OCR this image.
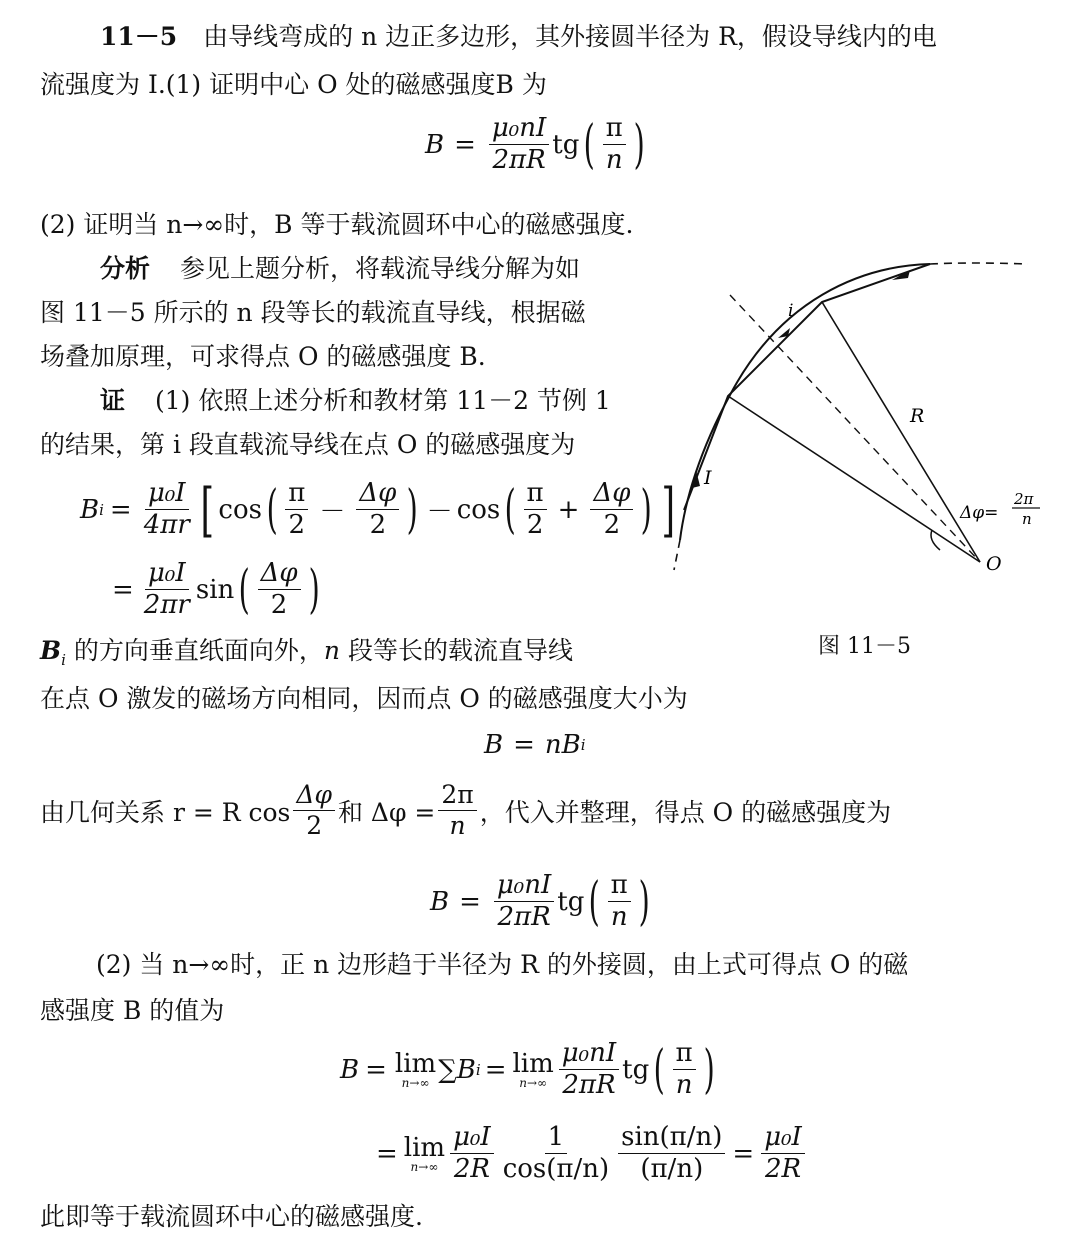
11－5 由导线弯成的 n 边正多边形，其外接圆半径为 R，假设导线内的电
流强度为 I.(1) 证明中心 O 处的磁感强度B 为
$B = \frac{\text{μ₀nI}}{2\pi R}$ tg ( $\frac{\pi}{n}$ )
(2) 证明当 n→∞时，B 等于载流圆环中心的磁感强度.
分析 参见上题分析，将载流导线分解为如
图 11－5 所示的 n 段等长的载流直导线，根据磁
场叠加原理，可求得点 O 的磁感强度 B.
证 (1) 依照上述分析和教材第 11－2 节例 1
的结果，第 i 段直载流导线在点 O 的磁感强度为
B $i = \frac{\text{μ₀I}}{4\pi r}$ [ cos ( $\frac{\pi}{2} - \frac{\Delta\varphi}{2}$ ) － cos ( $\frac{\pi}{2} + \frac{\Delta\varphi}{2}$ ) ]
= $\frac{\text{μ₀I}}{2\pi r}$ sin ( $\frac{\Delta\varphi}{2}$ )
$B_i$ 的方向垂直纸面向外，n 段等长的载流直导线
在点 O 激发的磁场方向相同，因而点 O 的磁感强度大小为
B = nB i
由几何关系 r = R $\cos \frac{\Delta\varphi}{2}$ 和 $\Delta\varphi = \frac{2\pi}{n}$ ，代入并整理，得点 O 的磁感强度为
$B = \frac{\text{μ₀nI}}{2\pi R}$ tg ( $\frac{\pi}{n}$ )
(2) 当 n→∞时，正 n 边形趋于半径为 R 的外接圆，由上式可得点 O 的磁
感强度 B 的值为
B = lim
n→∞ ∑ B i = lim
$n\to\infty \frac{\text{μ₀nI}}{2\pi R}$ tg ( $\frac{\pi}{n}$ )
= lim
$n\to\infty \frac{\text{μ₀I}}{2R} \frac{1}{\cos(\pi/n)} \frac{\sin(\pi/n)}{(\pi/n)} = \frac{\text{μ₀I}}{2R}$
此即等于载流圆环中心的磁感强度.
i
R
I
O
Δφ=
2π
n
图 11－5
